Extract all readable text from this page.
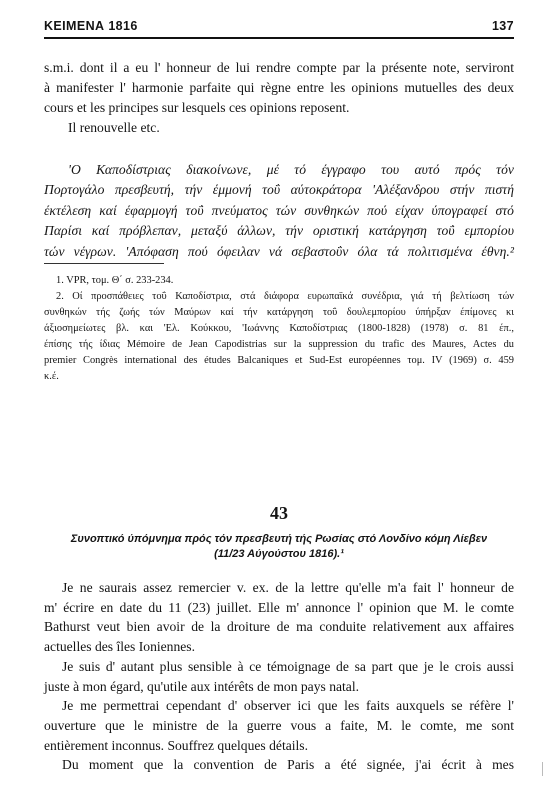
ΚΕΙΜΕΝΑ 1816	137
s.m.i. dont il a eu l' honneur de lui rendre compte par la présente note, serviront
à manifester l' harmonie parfaite qui règne entre les opinions mutuelles des deux
cours et les principes sur lesquels ces opinions reposent.
Il renouvelle etc.
'Ο Καποδίστριας διακοίνωνε, μέ τό έγγραφο του αυτό πρός τόν
Πορτογάλο πρεσβευτή, τήν έμμονή τοΰ αύτοκράτορα 'Αλέξανδρου στήν πιστή
έκτέλεση καί έφαρμογή τοΰ πνεύματος τών συνθηκών πού είχαν ύπογραφεί στό
Παρίσι καί πρόβλεπαν, μεταξύ άλλων, τήν οριστική κατάργηση τοΰ εμπορίου
τών νέγρων. 'Απόφαση πού όφειλαν νά σεβαστοΰν όλα τά πολιτισμένα έθνη.²
1. VPR, τομ. Θ΄ σ. 233-234.
2. Οί προσπάθειες τοΰ Καποδίστρια, στά διάφορα ευρωπαϊκά συνέδρια, γιά τή βελτίωση τών
συνθηκών τής ζωής τών Μαύρων καί τήν κατάργηση τοΰ δουλεμπορίου ύπήρξαν έπίμονες κι
άξιοσημείωτες βλ. και 'Ελ. Κούκκου, 'Ιωάννης Καποδίστριας (1800-1828) (1978) σ. 81 έπ.,
έπίσης τής ίδιας Mémoire de Jean Capodistrias sur la suppression du trafic des Maures, Actes du
premier Congrès international des études Balcaniques et Sud-Est européennes τομ. IV (1969) σ. 459
κ.έ.
43
Συνοπτικό ύπόμνημα πρός τόν πρεσβευτή τής Ρωσίας στό Λονδίνο κόμη Λίεβεν
(11/23 Αύγούστου 1816).¹
Je ne saurais assez remercier v. ex. de la lettre qu'elle m'a fait l' honneur de
m' écrire en date du 11 (23) juillet. Elle m' annonce l' opinion que M. le comte
Bathurst veut bien avoir de la droiture de ma conduite relativement aux affaires
actuelles des îles Ioniennes.
Je suis d' autant plus sensible à ce témoignage de sa part que je le crois aussi
juste à mon égard, qu'utile aux intérêts de mon pays natal.
Je me permettrai cependant d' observer ici que les faits auxquels se réfère l'
ouverture que le ministre de la guerre vous a faite, M. le comte, me sont
entièrement inconnus. Souffrez quelques détails.
Du moment que la convention de Paris a été signée, j'ai écrit à mes
